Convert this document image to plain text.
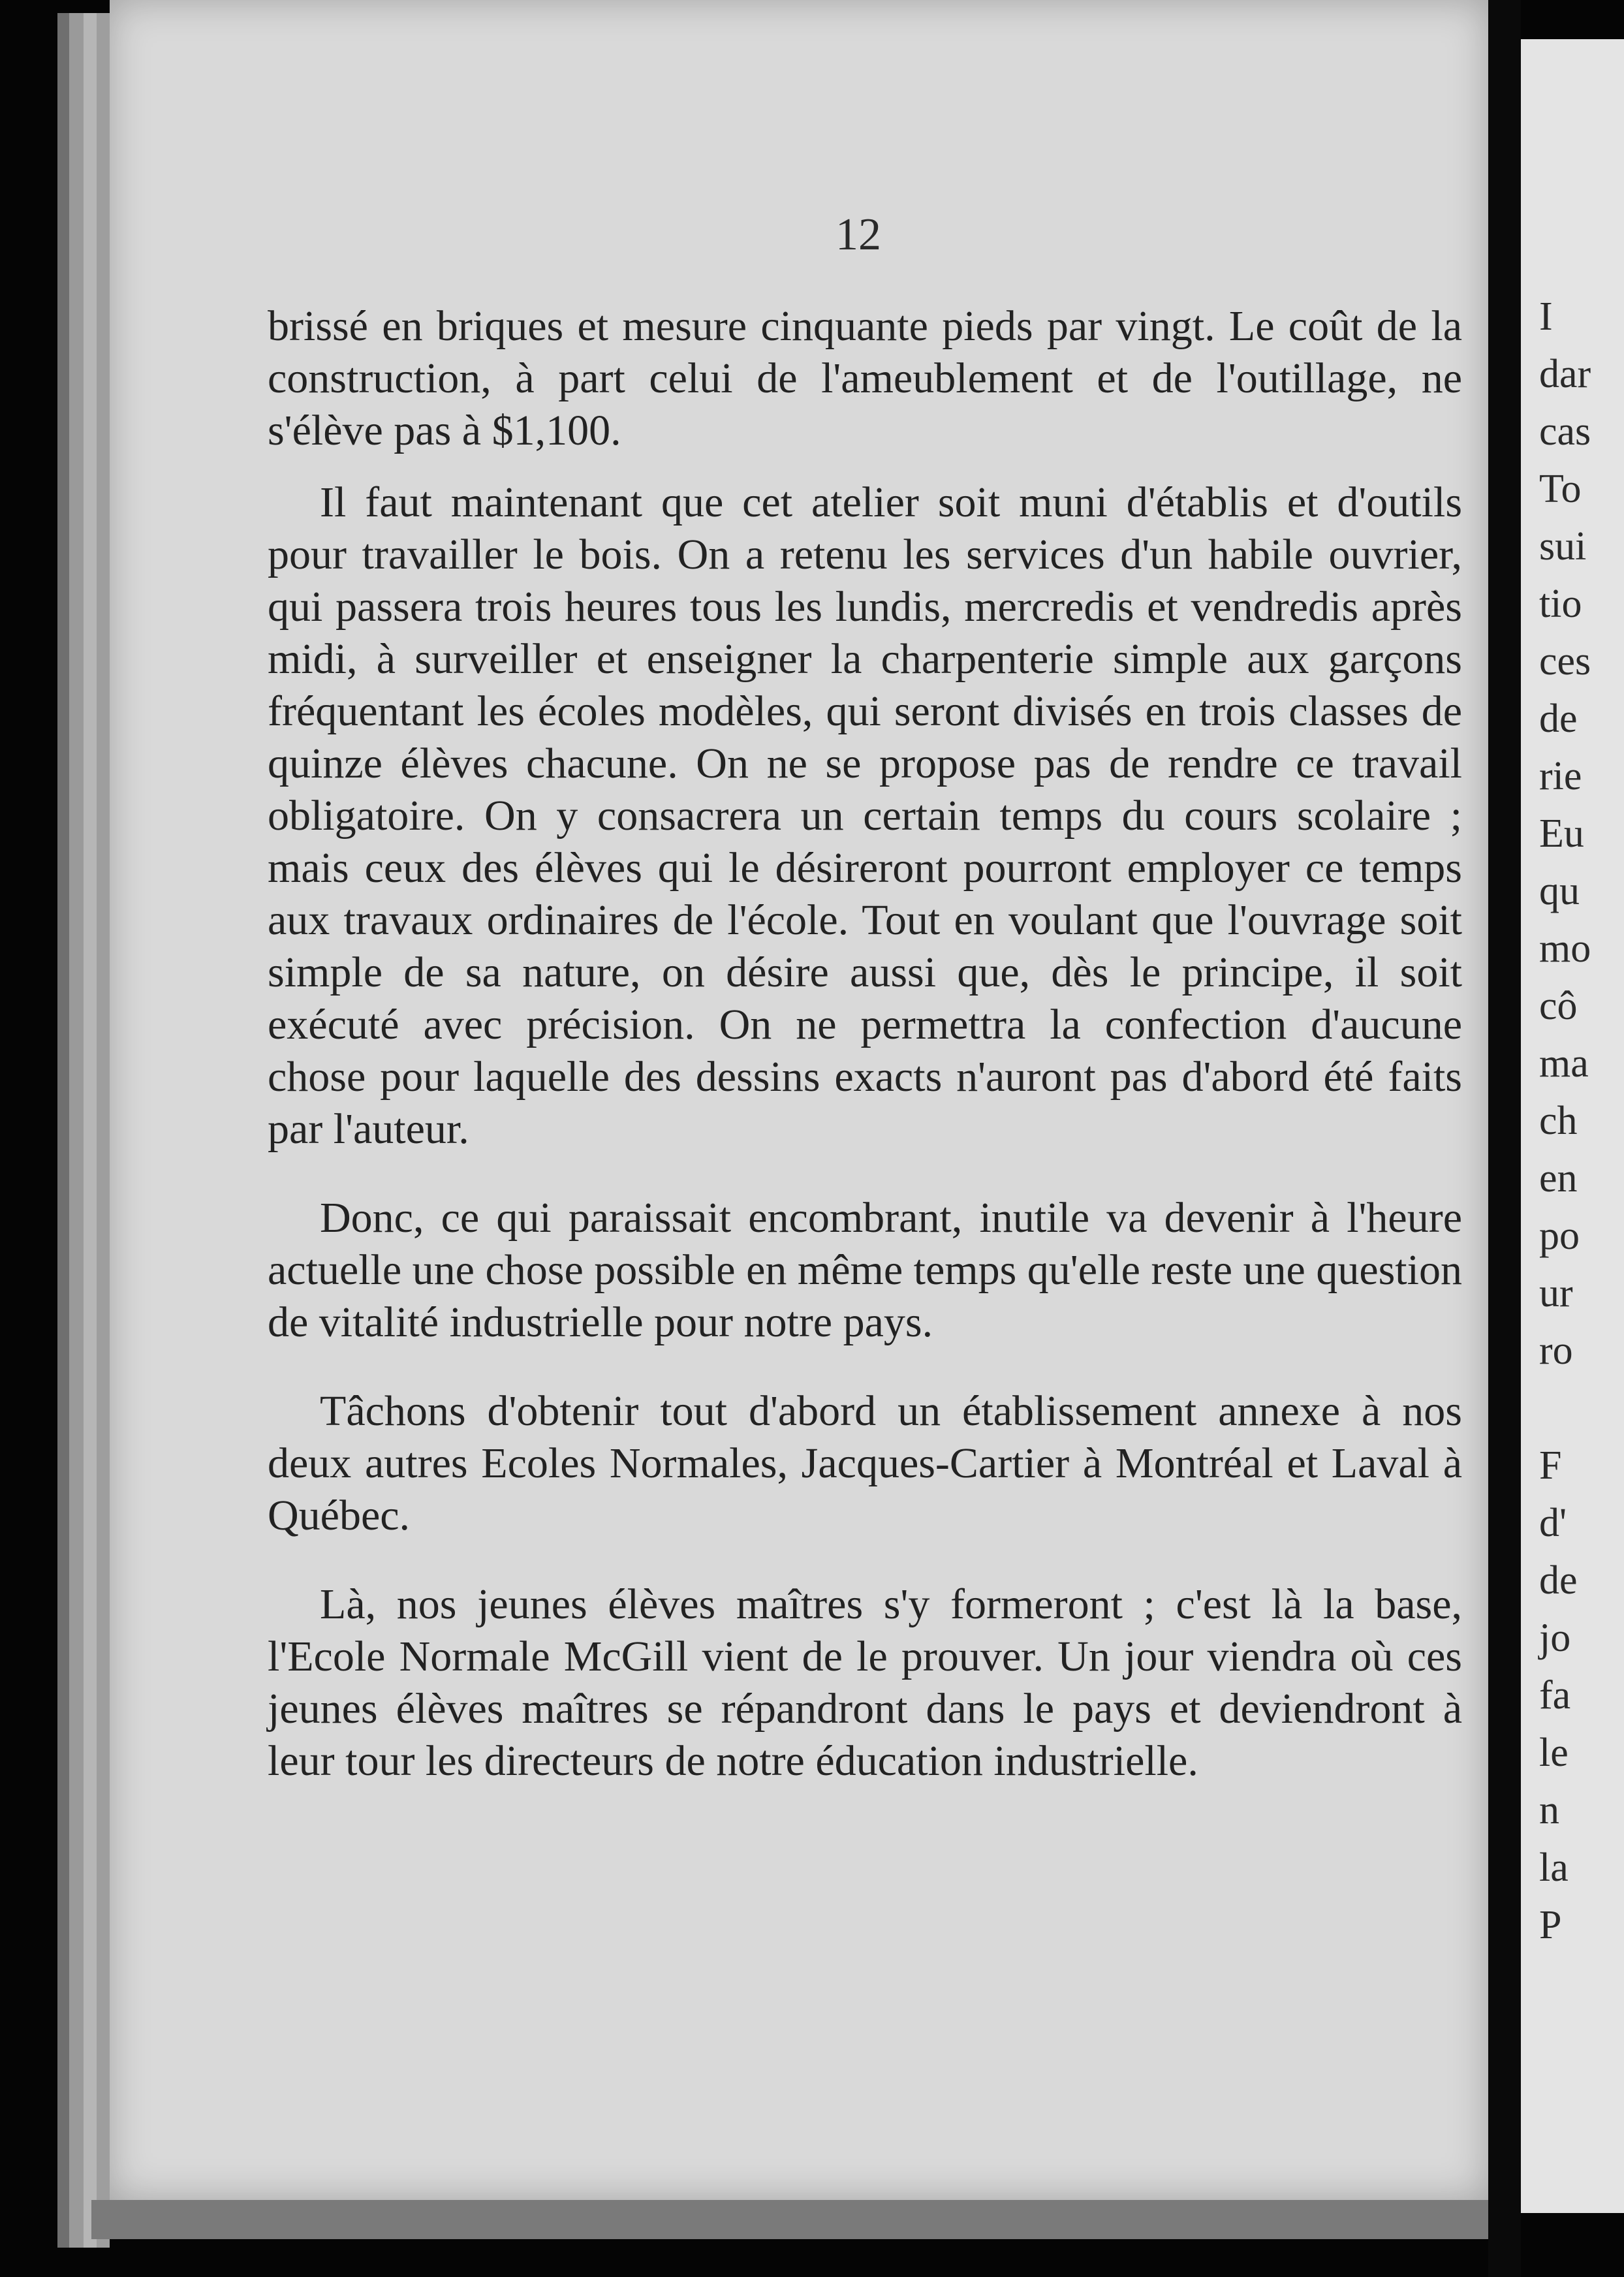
12

brissé en briques et mesure cinquante pieds par vingt. Le coût de la construction, à part celui de l'ameublement et de l'outillage, ne s'élève pas à $1,100.

Il faut maintenant que cet atelier soit muni d'établis et d'outils pour travailler le bois. On a retenu les services d'un habile ouvrier, qui passera trois heures tous les lundis, mercredis et vendredis après midi, à surveiller et enseigner la charpenterie simple aux garçons fréquentant les écoles modèles, qui seront divisés en trois classes de quinze élèves chacune. On ne se propose pas de rendre ce travail obligatoire. On y consacrera un certain temps du cours scolaire ; mais ceux des élèves qui le désireront pourront employer ce temps aux travaux ordinaires de l'école. Tout en voulant que l'ouvrage soit simple de sa nature, on désire aussi que, dès le principe, il soit exécuté avec précision. On ne permettra la confection d'aucune chose pour laquelle des dessins exacts n'auront pas d'abord été faits par l'auteur.

Donc, ce qui paraissait encombrant, inutile va devenir à l'heure actuelle une chose possible en même temps qu'elle reste une question de vitalité industrielle pour notre pays.

Tâchons d'obtenir tout d'abord un établissement annexe à nos deux autres Ecoles Normales, Jacques-Cartier à Montréal et Laval à Québec.

Là, nos jeunes élèves maîtres s'y formeront ; c'est là la base, l'Ecole Normale McGill vient de le prouver. Un jour viendra où ces jeunes élèves maîtres se répandront dans le pays et deviendront à leur tour les directeurs de notre éducation industrielle.

I
dar
cas
To
sui
tio
ces
de
rie
Eu
qu
mo
cô
ma
ch
en
po
ur
ro
F
d'
de
jo
fa
le
n
la
P
